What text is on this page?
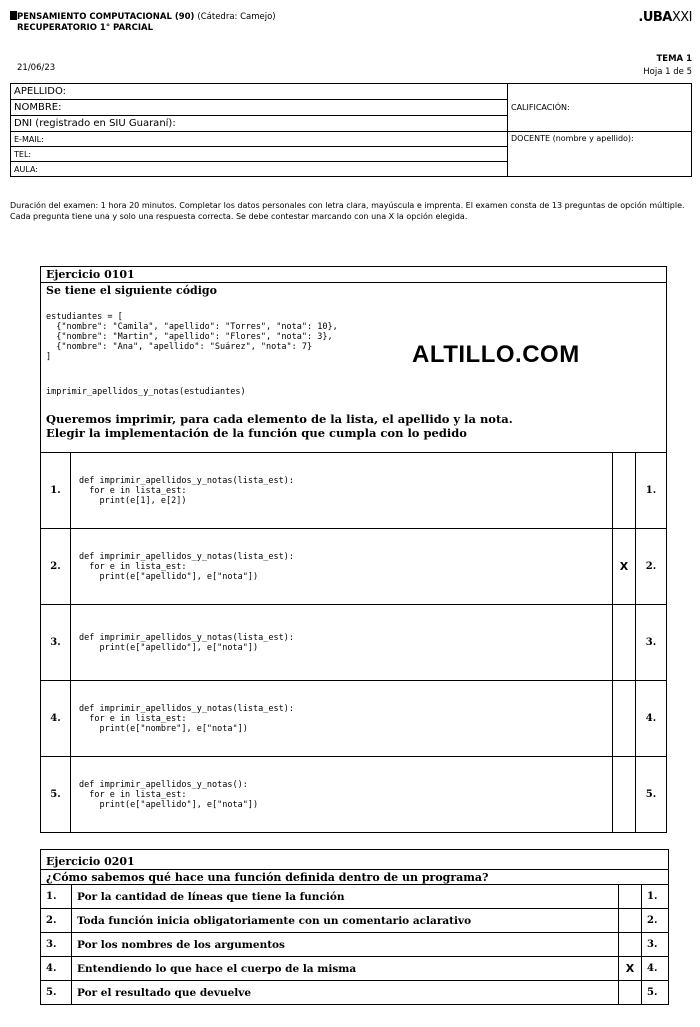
PENSAMIENTO COMPUTACIONAL (90) (Cátedra: Camejo)
RECUPERATORIO 1° PARCIAL
.UBAXXI
21/06/23
TEMA 1
Hoja 1 de 5
APELLIDO:	CALIFICACIÓN:
NOMBRE:	
DNI (registrado en SIU Guaraní):	
E-MAIL:	DOCENTE (nombre y apellido):
TEL:	
AULA:	
Duración del examen: 1 hora 20 minutos. Completar los datos personales con letra clara, mayúscula e imprenta. El examen consta de 13 preguntas de opción múltiple. Cada pregunta tiene una y solo una respuesta correcta. Se debe contestar marcando con una X la opción elegida.
Ejercicio 0101
Se tiene el siguiente código
estudiantes = [
{"nombre": "Camila", "apellido": "Torres", "nota": 10},
{"nombre": "Martin", "apellido": "Flores", "nota": 3},
{"nombre": "Ana", "apellido": "Suárez", "nota": 7}
]
imprimir_apellidos_y_notas(estudiantes)
Queremos imprimir, para cada elemento de la lista, el apellido y la nota.
Elegir la implementación de la función que cumpla con lo pedido
ALTILLO.COM
1.	def imprimir_apellidos_y_notas(lista_est):
for e in lista_est:
print(e[1], e[2])		1.
2.	def imprimir_apellidos_y_notas(lista_est):
for e in lista_est:
print(e["apellido"], e["nota"])	X	2.
3.	def imprimir_apellidos_y_notas(lista_est):
print(e["apellido"], e["nota"])		3.
4.	def imprimir_apellidos_y_notas(lista_est):
for e in lista_est:
print(e["nombre"], e["nota"])		4.
5.	def imprimir_apellidos_y_notas():
for e in lista_est:
print(e["apellido"], e["nota"])		5.
Ejercicio 0201			
¿Cómo sabemos qué hace una función definida dentro de un programa?			
1.	Por la cantidad de líneas que tiene la función		1.
2.	Toda función inicia obligatoriamente con un comentario aclarativo		2.
3.	Por los nombres de los argumentos		3.
4.	Entendiendo lo que hace el cuerpo de la misma	X	4.
5.	Por el resultado que devuelve		5.
